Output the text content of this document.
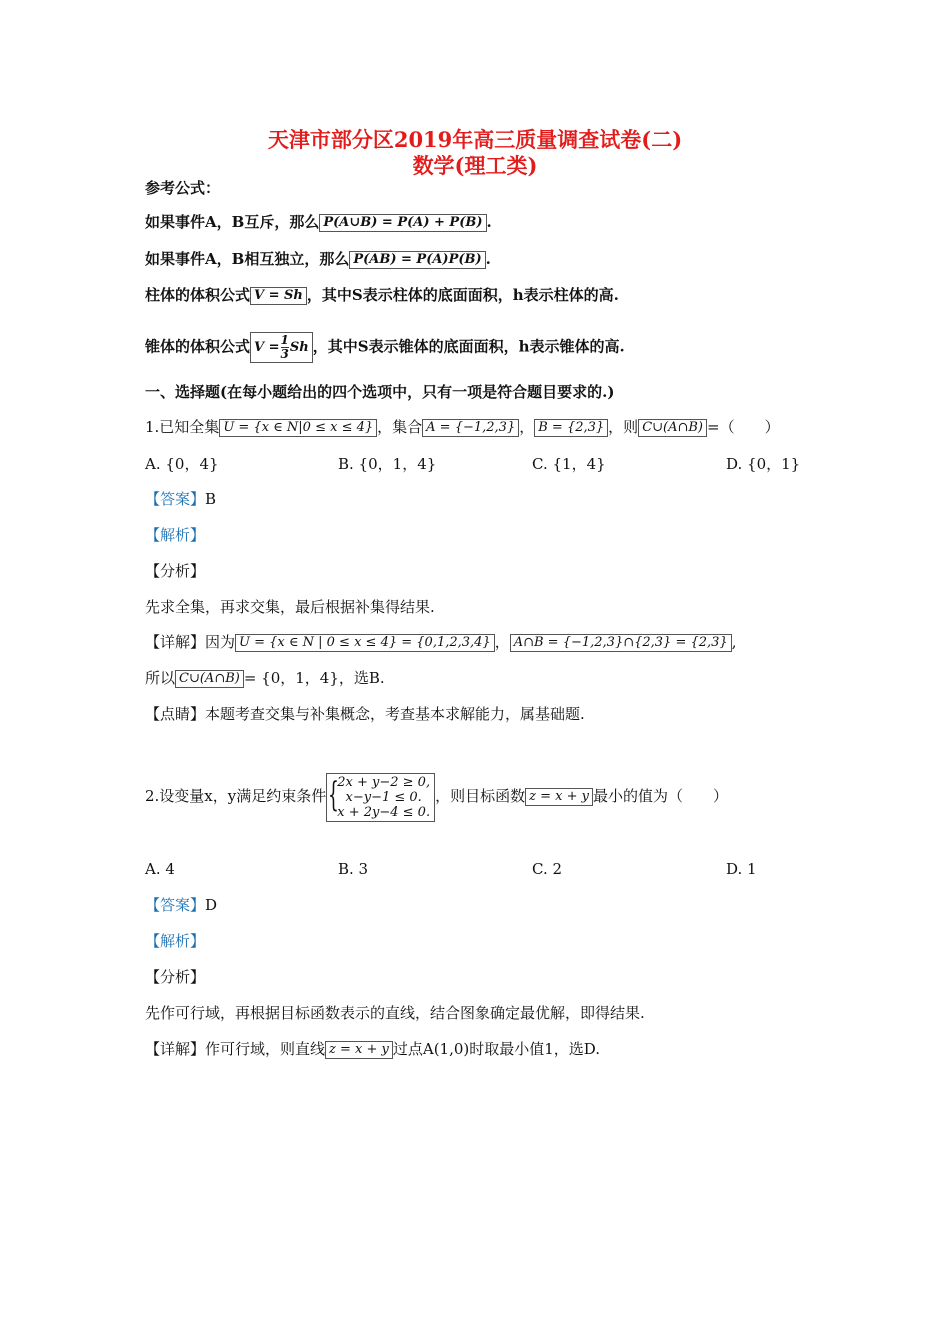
天津市部分区2019年高三质量调查试卷(二)
数学(理工类)
参考公式：
如果事件A，B互斥，那么 P(A∪B) = P(A) + P(B) .
如果事件A，B相互独立，那么 P(AB) = P(A)P(B) .
柱体的体积公式 V = Sh ，其中S表示柱体的底面面积，h表示柱体的高.
锥体的体积公式 $V = \frac{1}{3}$ Sh ，其中S表示锥体的底面面积，h表示锥体的高.
一、选择题(在每小题给出的四个选项中，只有一项是符合题目要求的.)
1.已知全集 U = {x ∈ N|0 ≤ x ≤ 4} ，集合 A = {−1,2,3} ， B = {2,3} ，则 C∪(A∩B) =（　　）
A. {0，4}	B. {0，1，4}	C. {1，4}	D. {0，1}
【答案】B
【解析】
【分析】
先求全集，再求交集，最后根据补集得结果.
【详解】因为 U = {x ∈ N | 0 ≤ x ≤ 4} = {0,1,2,3,4} ， A∩B = {−1,2,3}∩{2,3} = {2,3} ,
所以 C∪(A∩B) = {0，1，4}，选B.
【点睛】本题考查交集与补集概念，考查基本求解能力，属基础题.
2.设变量x，y满足约束条件 {
2x + y−2 ≥ 0,
x−y−1 ≤ 0.
x + 2y−4 ≤ 0.
，则目标函数 z = x + y 最小的值为（　　）
A. 4	B. 3	C. 2	D. 1
【答案】D
【解析】
【分析】
先作可行域，再根据目标函数表示的直线，结合图象确定最优解，即得结果.
【详解】作可行域，则直线 z = x + y 过点A(1,0)时取最小值1，选D.
